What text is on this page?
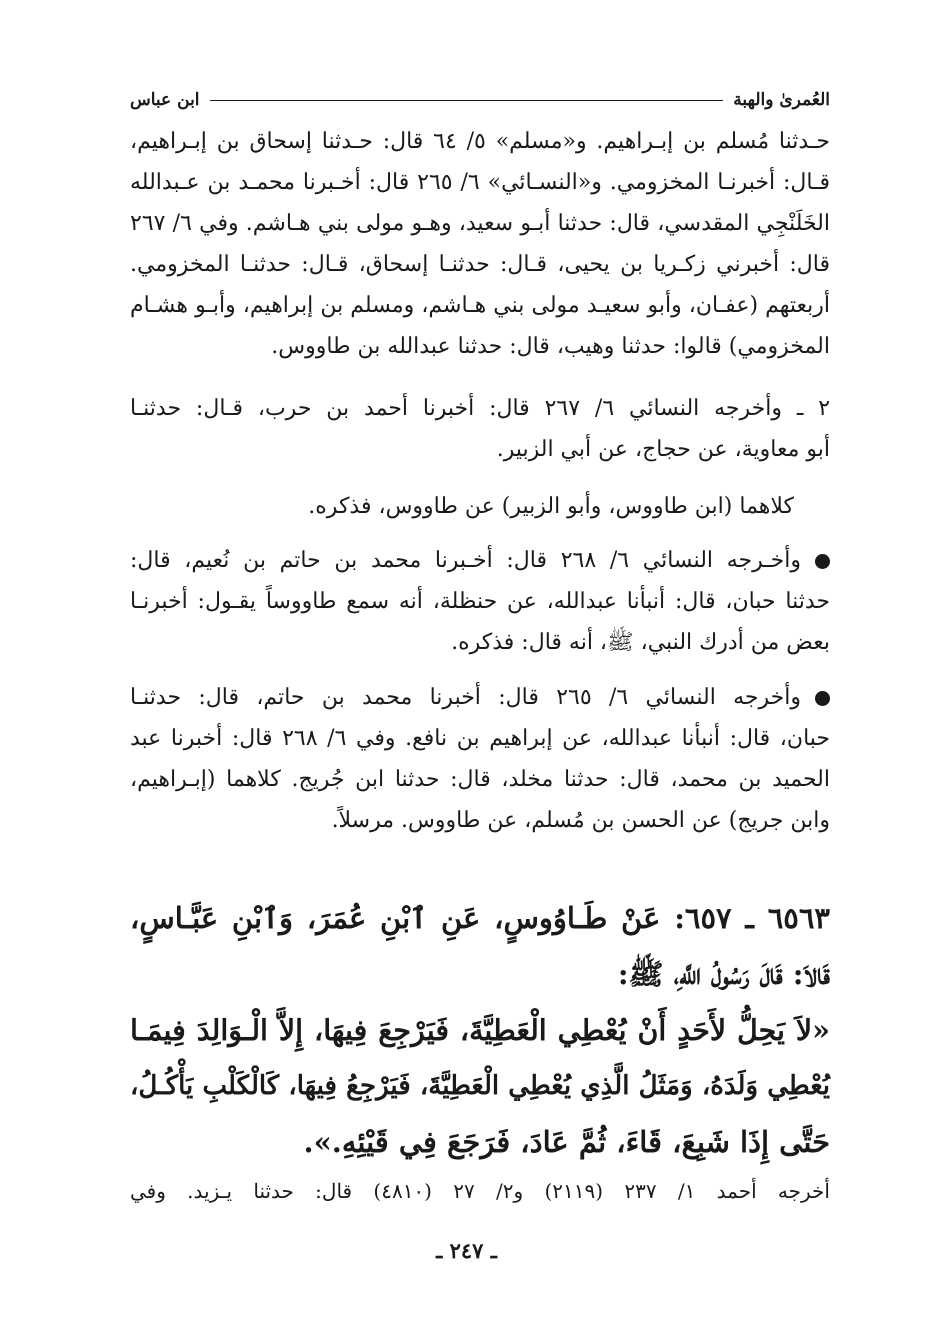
العُمرىٰ والهبة
ابن عباس
حـدثنا مُسلم بن إبـراهيم. و«مسلم» ٥/ ٦٤ قال: حـدثنا إسحاق بن إبـراهيم،
قـال: أخبرنـا المخزومي. و«النسـائي» ٦/ ٢٦٥ قال: أخـبرنا محمـد بن عـبدالله
الخَلَنْجِي المقدسي، قال: حدثنا أبـو سعيد، وهـو مولى بني هـاشم. وفي ٦/ ٢٦٧
قال: أخبرني زكـريا بن يحيى، قـال: حدثنـا إسحاق، قـال: حدثنـا المخزومي.
أربعتهم (عفـان، وأبو سعيـد مولى بني هـاشم، ومسلم بن إبراهيم، وأبـو هشـام
المخزومي) قالوا: حدثنا وهيب، قال: حدثنا عبدالله بن طاووس.
٢ ـ وأخرجه النسائي ٦/ ٢٦٧ قال: أخبرنا أحمد بن حرب، قـال: حدثنـا
أبو معاوية، عن حجاج، عن أبي الزبير.
كلاهما (ابن طاووس، وأبو الزبير) عن طاووس، فذكره.
وأخـرجه النسائي ٦/ ٢٦٨ قال: أخـبرنا محمد بن حاتم بن نُعيم، قال:
حدثنا حبان، قال: أنبأنا عبدالله، عن حنظلة، أنه سمع طاووساً يقـول: أخبرنـا
بعض من أدرك النبي، ﷺ، أنه قال: فذكره.
وأخرجه النسائي ٦/ ٢٦٥ قال: أخبرنا محمد بن حاتم، قال: حدثنـا
حبان، قال: أنبأنا عبدالله، عن إبراهيم بن نافع. وفي ٦/ ٢٦٨ قال: أخبرنا عبد
الحميد بن محمد، قال: حدثنا مخلد، قال: حدثنا ابن جُريج. كلاهما (إبـراهيم،
وابن جريج) عن الحسن بن مُسلم، عن طاووس. مرسلاً.
٦٥٦٣ ـ ٦٥٧: عَنْ طَـاوُوسٍ، عَنِ ٱبْنِ عُمَرَ، وَٱبْنِ عَبَّـاسٍ،
قَالاَ: قَالَ رَسُولُ اللَّهِ، ﷺ:
«لاَ يَحِلُّ لأَحَدٍ أَنْ يُعْطِي الْعَطِيَّةَ، فَيَرْجِعَ فِيهَا، إِلاَّ الْـوَالِدَ فِيمَـا
يُعْطِي وَلَدَهُ، وَمَثَلُ الَّذِي يُعْطِي الْعَطِيَّةَ، فَيَرْجِعُ فِيهَا، كَالْكَلْبِ يَأْكُـلُ،
حَتَّى إِذَا شَبِعَ، قَاءَ، ثُمَّ عَادَ، فَرَجَعَ فِي قَيْئِهِ.».
أخرجه أحمد ١/ ٢٣٧ (٢١١٩) و٢/ ٢٧ (٤٨١٠) قال: حدثنا يـزيد. وفي
ـ ٢٤٧ ـ
